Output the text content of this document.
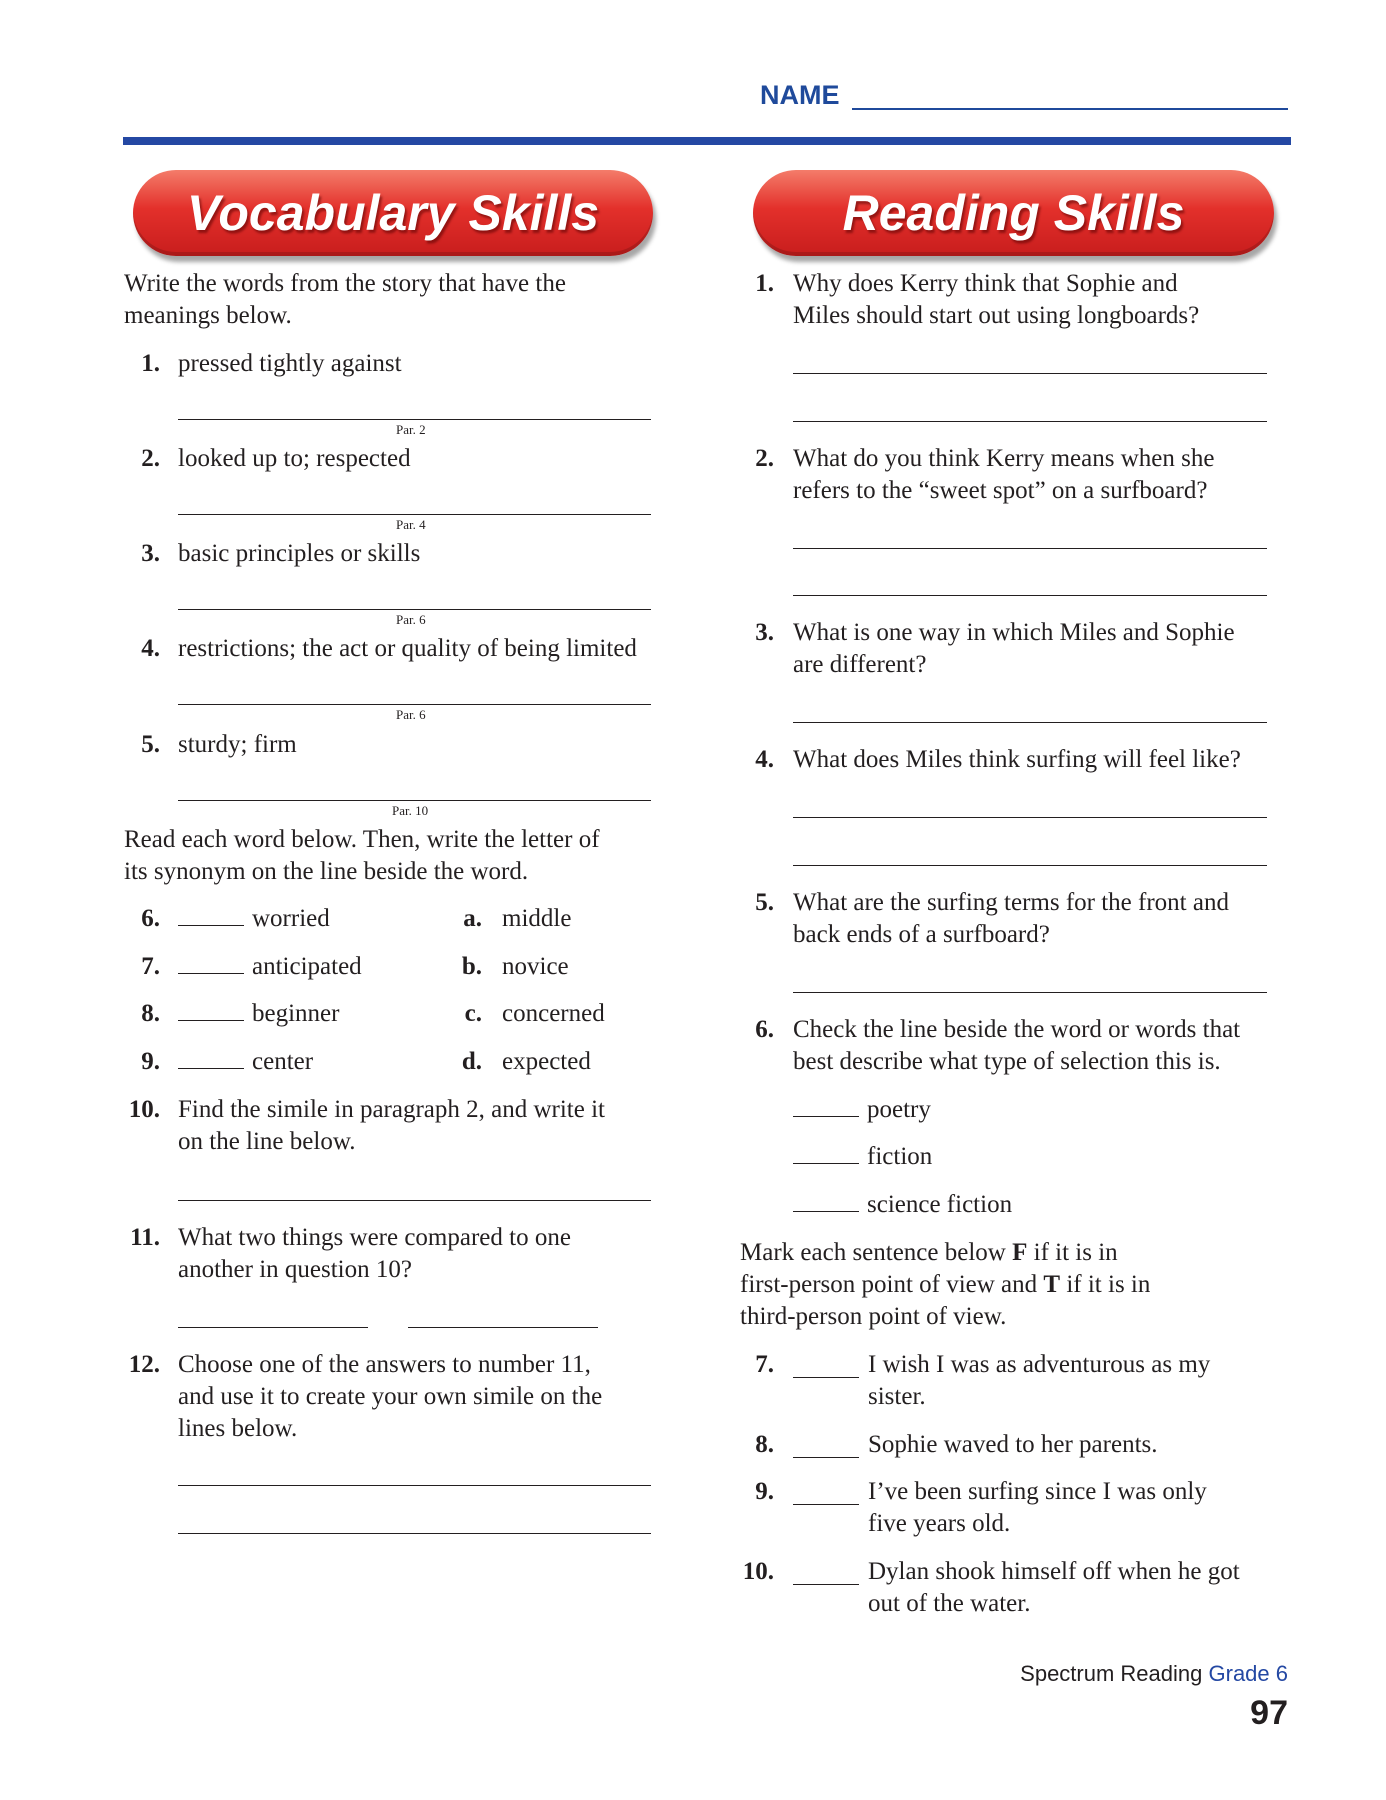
NAME
Vocabulary Skills	Reading Skills
Write the words from the story that have the
meanings below.
1. pressed tightly against
Par. 2
2. looked up to; respected
Par. 4
3. basic principles or skills
Par. 6
4. restrictions; the act or quality of being limited
Par. 6
5. sturdy; firm
Par. 10
Read each word below. Then, write the letter of
its synonym on the line beside the word.
6.	worried	a. middle
7.	anticipated	b. novice
8.	beginner	c. concerned
9.	center	d. expected
10. Find the simile in paragraph 2, and write it
on the line below.
11. What two things were compared to one
another in question 10?
12. Choose one of the answers to number 11,
and use it to create your own simile on the
lines below.
1. Why does Kerry think that Sophie and
Miles should start out using longboards?
2. What do you think Kerry means when she
refers to the “sweet spot” on a surfboard?
3. What is one way in which Miles and Sophie
are different?
4. What does Miles think surfing will feel like?
5. What are the surfing terms for the front and
back ends of a surfboard?
6. Check the line beside the word or words that
best describe what type of selection this is.
poetry
fiction
science fiction
Mark each sentence below F if it is in
first-person point of view and T if it is in
third-person point of view.
7.	I wish I was as adventurous as my
sister.
8.	Sophie waved to her parents.
9.	I’ve been surfing since I was only
five years old.
10.	Dylan shook himself off when he got
out of the water.
Spectrum Reading Grade 6
97
